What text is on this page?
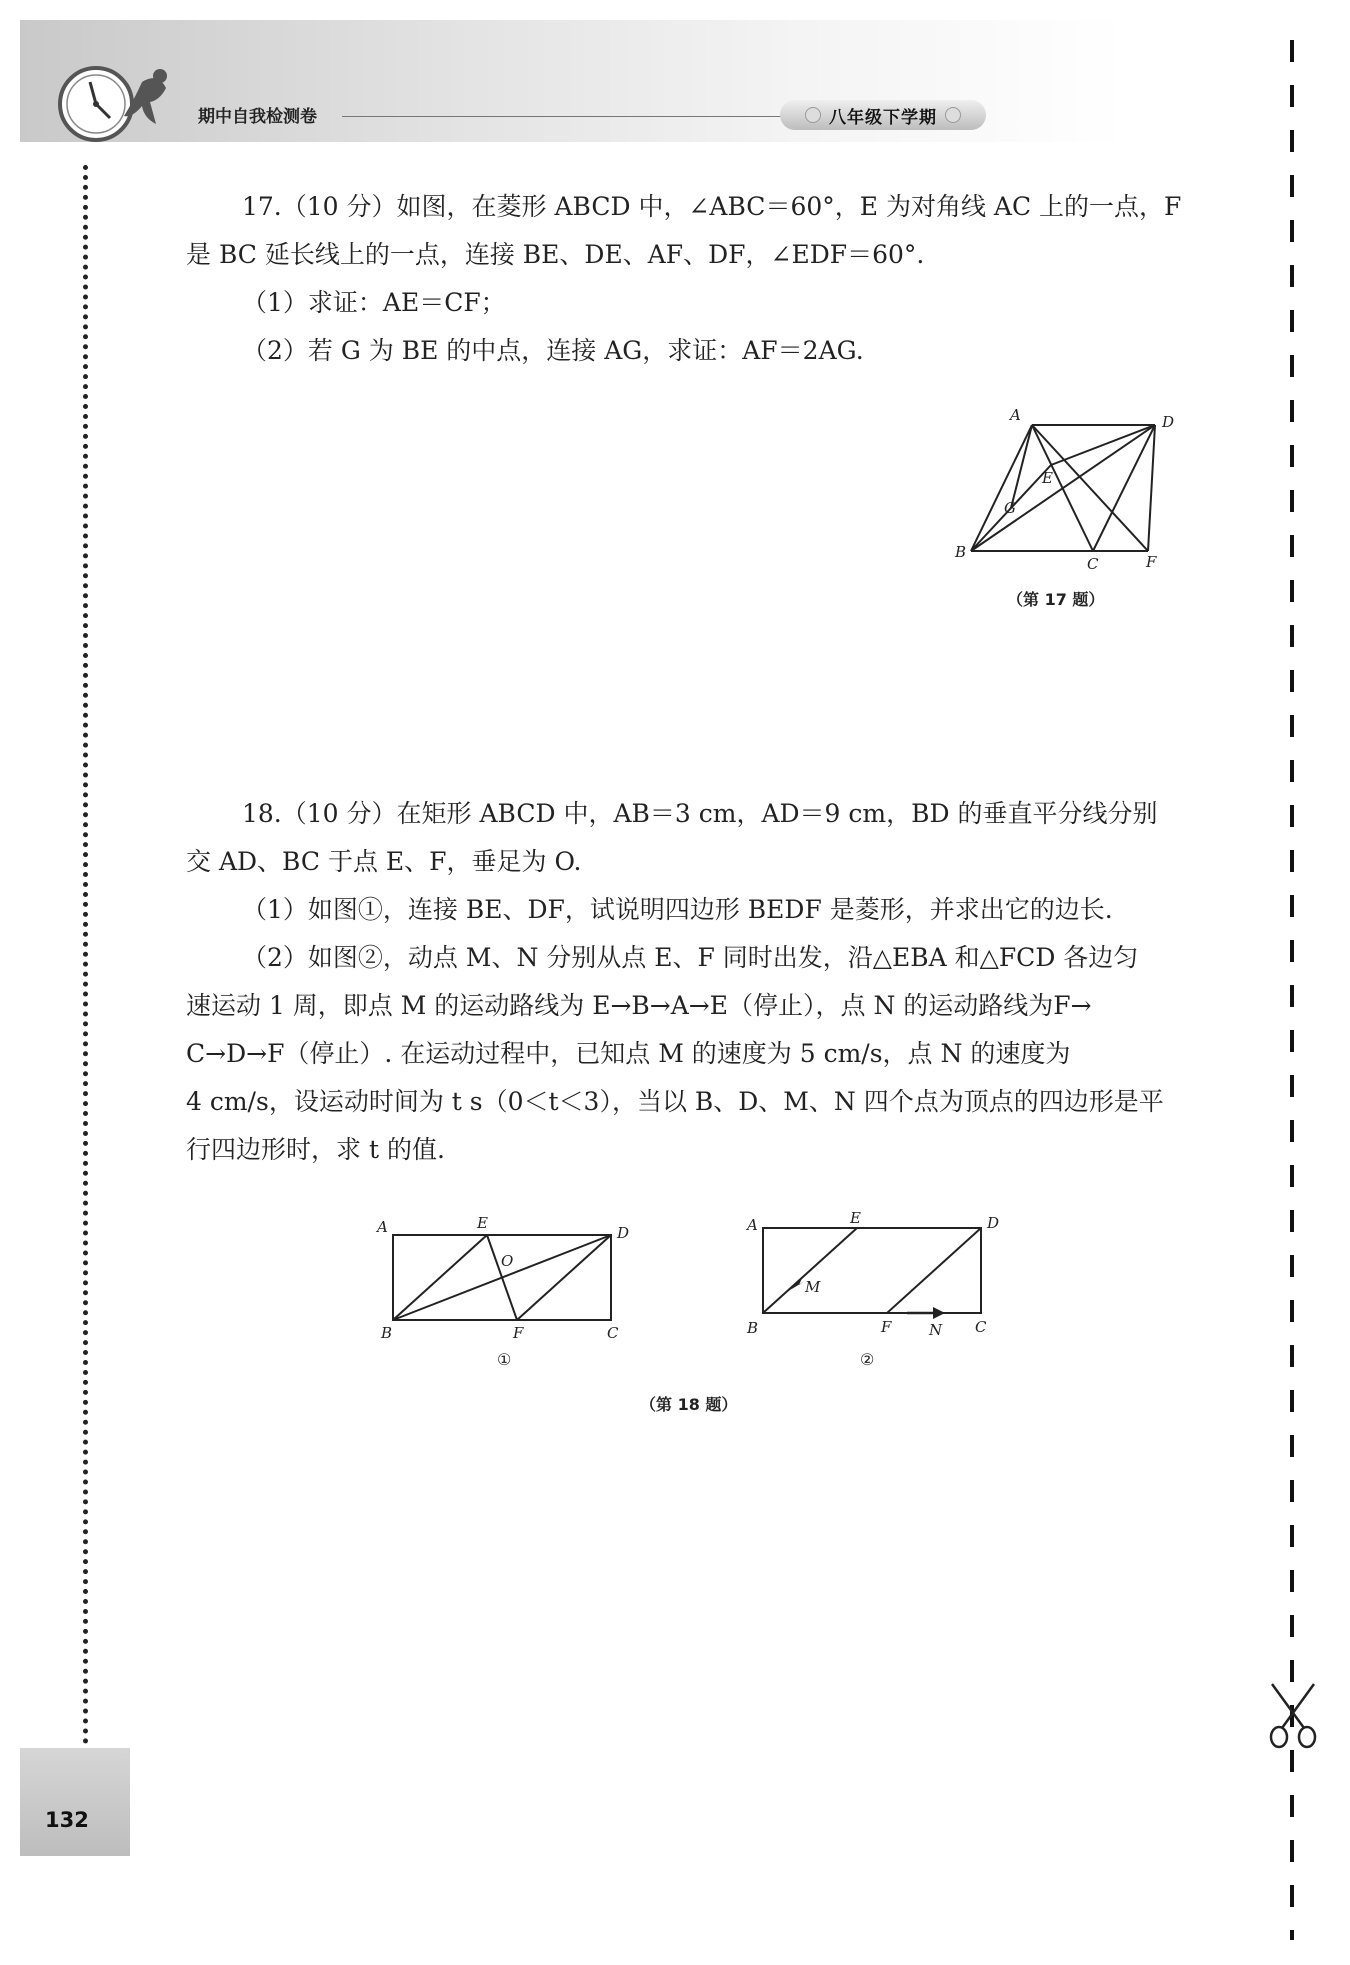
期中自我检测卷	八年级下学期
132

17.（10 分）如图，在菱形 ABCD 中，∠ABC＝60°，E 为对角线 AC 上的一点，F

是 BC 延长线上的一点，连接 BE、DE、AF、DF，∠EDF＝60°.

（1）求证：AE＝CF；

（2）若 G 为 BE 的中点，连接 AG，求证：AF＝2AG.

A	D
E
G
B
C	F
（第 17 题）

18.（10 分）在矩形 ABCD 中，AB＝3 cm，AD＝9 cm，BD 的垂直平分线分别

交 AD、BC 于点 E、F，垂足为 O.

（1）如图①，连接 BE、DF，试说明四边形 BEDF 是菱形，并求出它的边长.

（2）如图②，动点 M、N 分别从点 E、F 同时出发，沿△EBA 和△FCD 各边匀

速运动 1 周，即点 M 的运动路线为 E→B→A→E（停止），点 N 的运动路线为F→

C→D→F（停止）. 在运动过程中，已知点 M 的速度为 5 cm/s，点 N 的速度为

4 cm/s，设运动时间为 t s（0＜t＜3），当以 B、D、M、N 四个点为顶点的四边形是平

行四边形时，求 t 的值.

A	E
D
O
B	F	C
①
A	E	D
M
B	F	N C
②
（第 18 题）
